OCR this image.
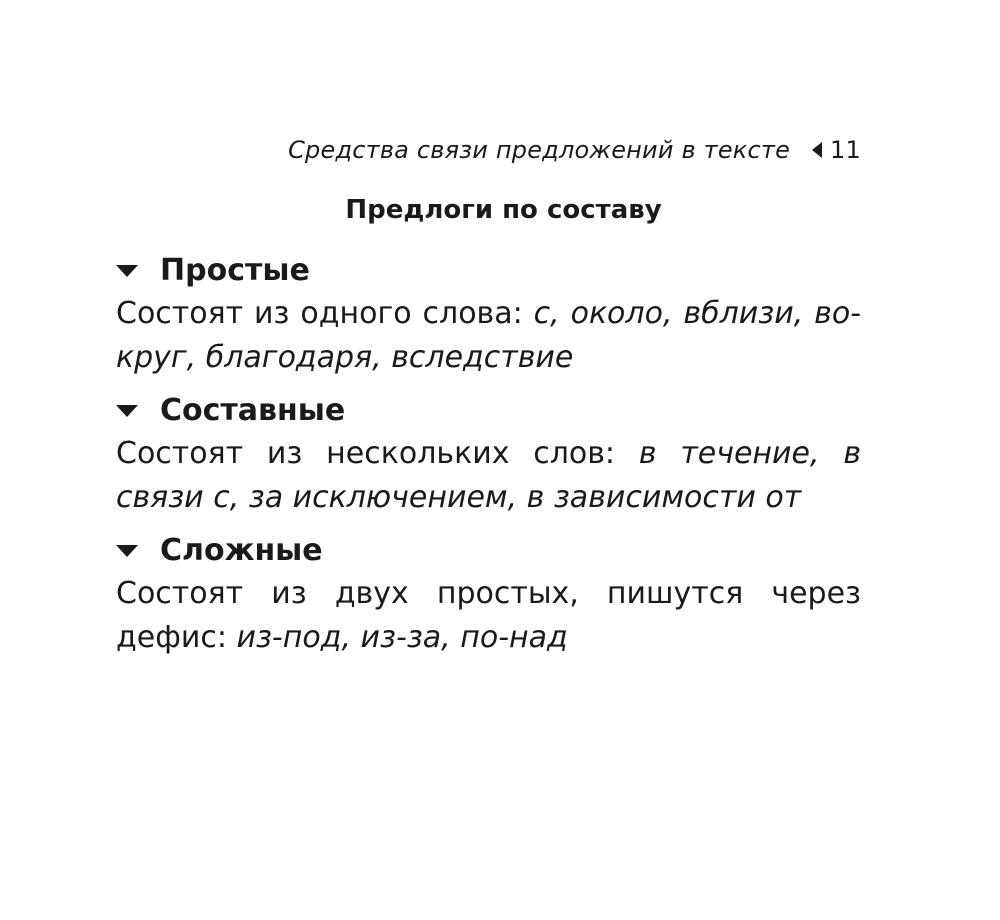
Средства связи предложений в тексте 11
Предлоги по составу
Простые

Состоят из одного слова: с, около, вблизи, во-круг, благодаря, вследствие

Составные

Состоят из нескольких слов: в течение, в связи с, за исключением, в зависимости от

Сложные

Состоят из двух простых, пишутся через дефис: из-под, из-за, по-над
